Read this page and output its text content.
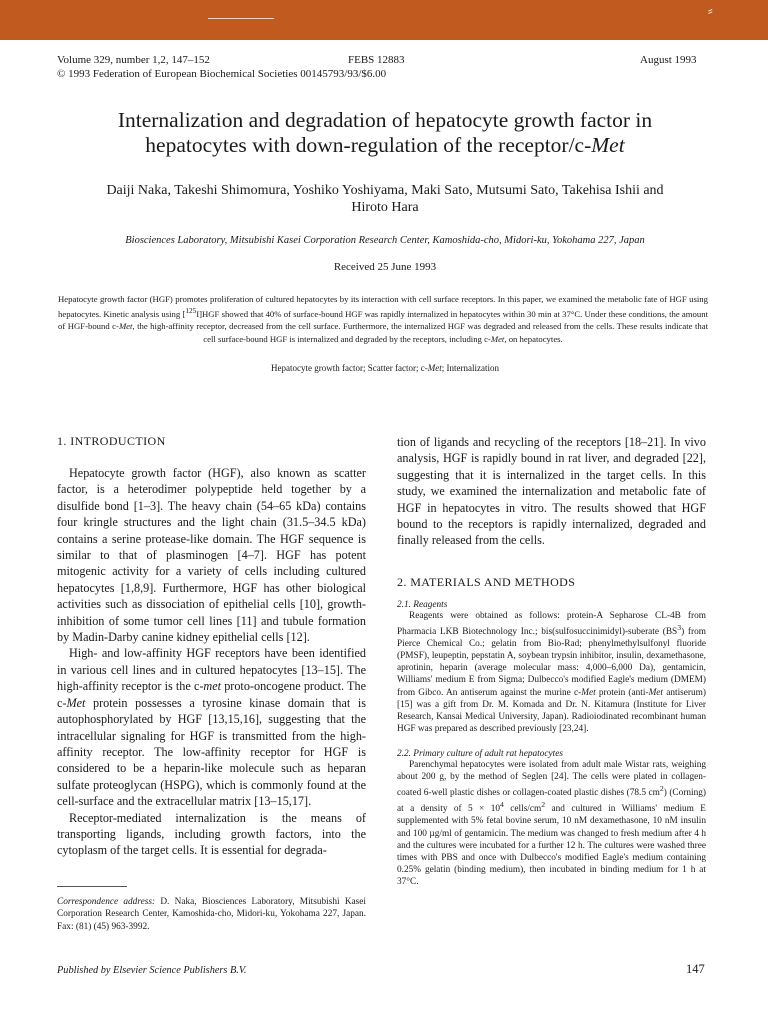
⸗
Volume 329, number 1,2, 147–152	FEBS 12883	August 1993
© 1993 Federation of European Biochemical Societies 00145793/93/$6.00
Internalization and degradation of hepatocyte growth factor in
hepatocytes with down-regulation of the receptor/c-Met
Daiji Naka, Takeshi Shimomura, Yoshiko Yoshiyama, Maki Sato, Mutsumi Sato, Takehisa Ishii and
Hiroto Hara
Biosciences Laboratory, Mitsubishi Kasei Corporation Research Center, Kamoshida-cho, Midori-ku, Yokohama 227, Japan
Received 25 June 1993
Hepatocyte growth factor (HGF) promotes proliferation of cultured hepatocytes by its interaction with cell surface receptors. In this paper, we examined the metabolic fate of HGF using hepatocytes. Kinetic analysis using [$^{125}$I]HGF showed that 40% of surface-bound HGF was rapidly internalized in hepatocytes within 30 min at 37°C. Under these conditions, the amount of HGF-bound c-Met, the high-affinity receptor, decreased from the cell surface. Furthermore, the internalized HGF was degraded and released from the cells. These results indicate that cell surface-bound HGF is internalized and degraded by the receptors, including c-Met, on hepatocytes.
Hepatocyte growth factor; Scatter factor; c-Met; Internalization
1. INTRODUCTION

Hepatocyte growth factor (HGF), also known as scatter factor, is a heterodimer polypeptide held together by a disulfide bond [1–3]. The heavy chain (54–65 kDa) contains four kringle structures and the light chain (31.5–34.5 kDa) contains a serine protease-like domain. The HGF sequence is similar to that of plasminogen [4–7]. HGF has potent mitogenic activity for a variety of cells including cultured hepatocytes [1,8,9]. Furthermore, HGF has other biological activities such as dissociation of epithelial cells [10], growth-inhibition of some tumor cell lines [11] and tubule formation by Madin-Darby canine kidney epithelial cells [12].

High- and low-affinity HGF receptors have been identified in various cell lines and in cultured hepatocytes [13–15]. The high-affinity receptor is the c-met proto-oncogene product. The c-Met protein possesses a tyrosine kinase domain that is autophosphorylated by HGF [13,15,16], suggesting that the intracellular signaling for HGF is transmitted from the high-affinity receptor. The low-affinity receptor for HGF is considered to be a heparin-like molecule such as heparan sulfate proteoglycan (HSPG), which is commonly found at the cell-surface and the extracellular matrix [13–15,17].

Receptor-mediated internalization is the means of transporting ligands, including growth factors, into the cytoplasm of the target cells. It is essential for degrada-

Correspondence address: D. Naka, Biosciences Laboratory, Mitsubishi Kasei Corporation Research Center, Kamoshida-cho, Midori-ku, Yokohama 227, Japan. Fax: (81) (45) 963-3992.

tion of ligands and recycling of the receptors [18–21]. In vivo analysis, HGF is rapidly bound in rat liver, and degraded [22], suggesting that it is internalized in the target cells. In this study, we examined the internalization and metabolic fate of HGF in hepatocytes in vitro. The results showed that HGF bound to the receptors is rapidly internalized, degraded and finally released from the cells.

2. MATERIALS AND METHODS
2.1. Reagents

Reagents were obtained as follows: protein-A Sepharose CL-4B from Pharmacia LKB Biotechnology Inc.; bis(sulfosuccinimidyl)-suberate $(BS^3)$ from Pierce Chemical Co.; gelatin from Bio-Rad; phenylmethylsulfonyl fluoride (PMSF), leupeptin, pepstatin A, soybean trypsin inhibitor, insulin, dexamethasone, aprotinin, heparin (average molecular mass: 4,000–6,000 Da), gentamicin, Williams' medium E from Sigma; Dulbecco's modified Eagle's medium (DMEM) from Gibco. An antiserum against the murine c-Met protein (anti-Met antiserum) [15] was a gift from Dr. M. Komada and Dr. N. Kitamura (Institute for Liver Research, Kansai Medical University, Japan). Radioiodinated recombinant human HGF was prepared as described previously [23,24].

2.2. Primary culture of adult rat hepatocytes

Parenchymal hepatocytes were isolated from adult male Wistar rats, weighing about 200 g, by the method of Seglen [24]. The cells were plated in collagen-coated 6-well plastic dishes or collagen-coated plastic dishes (78.5 $cm^2$) (Corning) at a density of $5 \times 10^4$ cells/$cm^2$ and cultured in Williams' medium E supplemented with 5% fetal bovine serum, 10 nM dexamethasone, 10 nM insulin and 100 µg/ml of gentamicin. The medium was changed to fresh medium after 4 h and the cultures were incubated for a further 12 h. The cultures were washed three times with PBS and once with Dulbecco's modified Eagle's medium containing 0.25% gelatin (binding medium), then incubated in binding medium for 1 h at 37°C.

Published by Elsevier Science Publishers B.V.	147
